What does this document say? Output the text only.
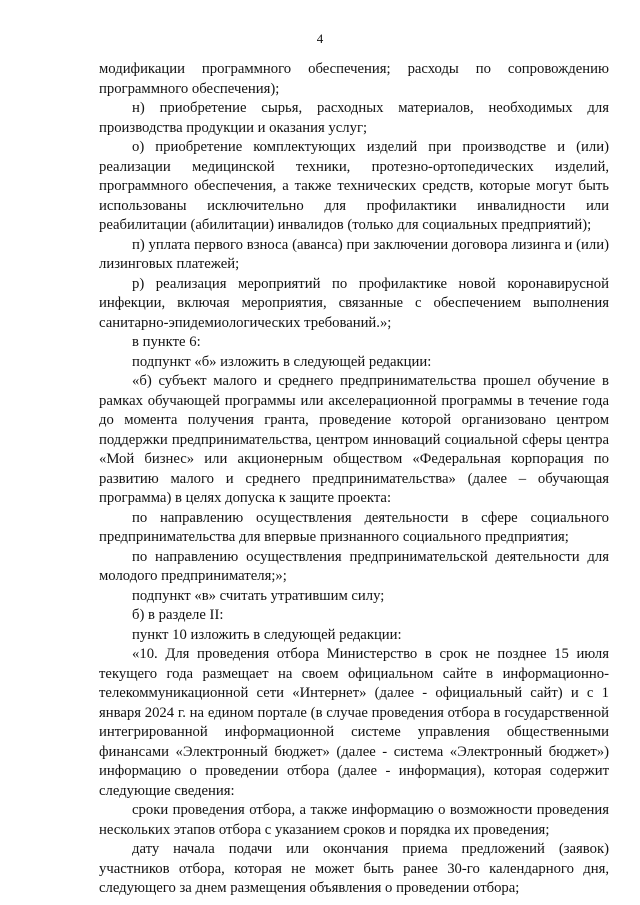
4

модификации программного обеспечения; расходы по сопровождению программного обеспечения);

н) приобретение сырья, расходных материалов, необходимых для производства продукции и оказания услуг;

о) приобретение комплектующих изделий при производстве и (или) реализации медицинской техники, протезно-ортопедических изделий, программного обеспечения, а также технических средств, которые могут быть использованы исключительно для профилактики инвалидности или реабилитации (абилитации) инвалидов (только для социальных предприятий);

п) уплата первого взноса (аванса) при заключении договора лизинга и (или) лизинговых платежей;

р) реализация мероприятий по профилактике новой коронавирусной инфекции, включая мероприятия, связанные с обеспечением выполнения санитарно-эпидемиологических требований.»;

в пункте 6:

подпункт «б» изложить в следующей редакции:

«б) субъект малого и среднего предпринимательства прошел обучение в рамках обучающей программы или акселерационной программы в течение года до момента получения гранта, проведение которой организовано центром поддержки предпринимательства, центром инноваций социальной сферы центра «Мой бизнес» или акционерным обществом «Федеральная корпорация по развитию малого и среднего предпринимательства» (далее – обучающая программа) в целях допуска к защите проекта:

по направлению осуществления деятельности в сфере социального предпринимательства для впервые признанного социального предприятия;

по направлению осуществления предпринимательской деятельности для молодого предпринимателя;»;

подпункт «в» считать утратившим силу;

б) в разделе II:

пункт 10 изложить в следующей редакции:

«10. Для проведения отбора Министерство в срок не позднее 15 июля текущего года размещает на своем официальном сайте в информационно-телекоммуникационной сети «Интернет» (далее - официальный сайт) и с 1 января 2024 г. на едином портале (в случае проведения отбора в государственной интегрированной информационной системе управления общественными финансами «Электронный бюджет» (далее - система «Электронный бюджет») информацию о проведении отбора (далее - информация), которая содержит следующие сведения:

сроки проведения отбора, а также информацию о возможности проведения нескольких этапов отбора с указанием сроков и порядка их проведения;

дату начала подачи или окончания приема предложений (заявок) участников отбора, которая не может быть ранее 30-го календарного дня, следующего за днем размещения объявления о проведении отбора;
